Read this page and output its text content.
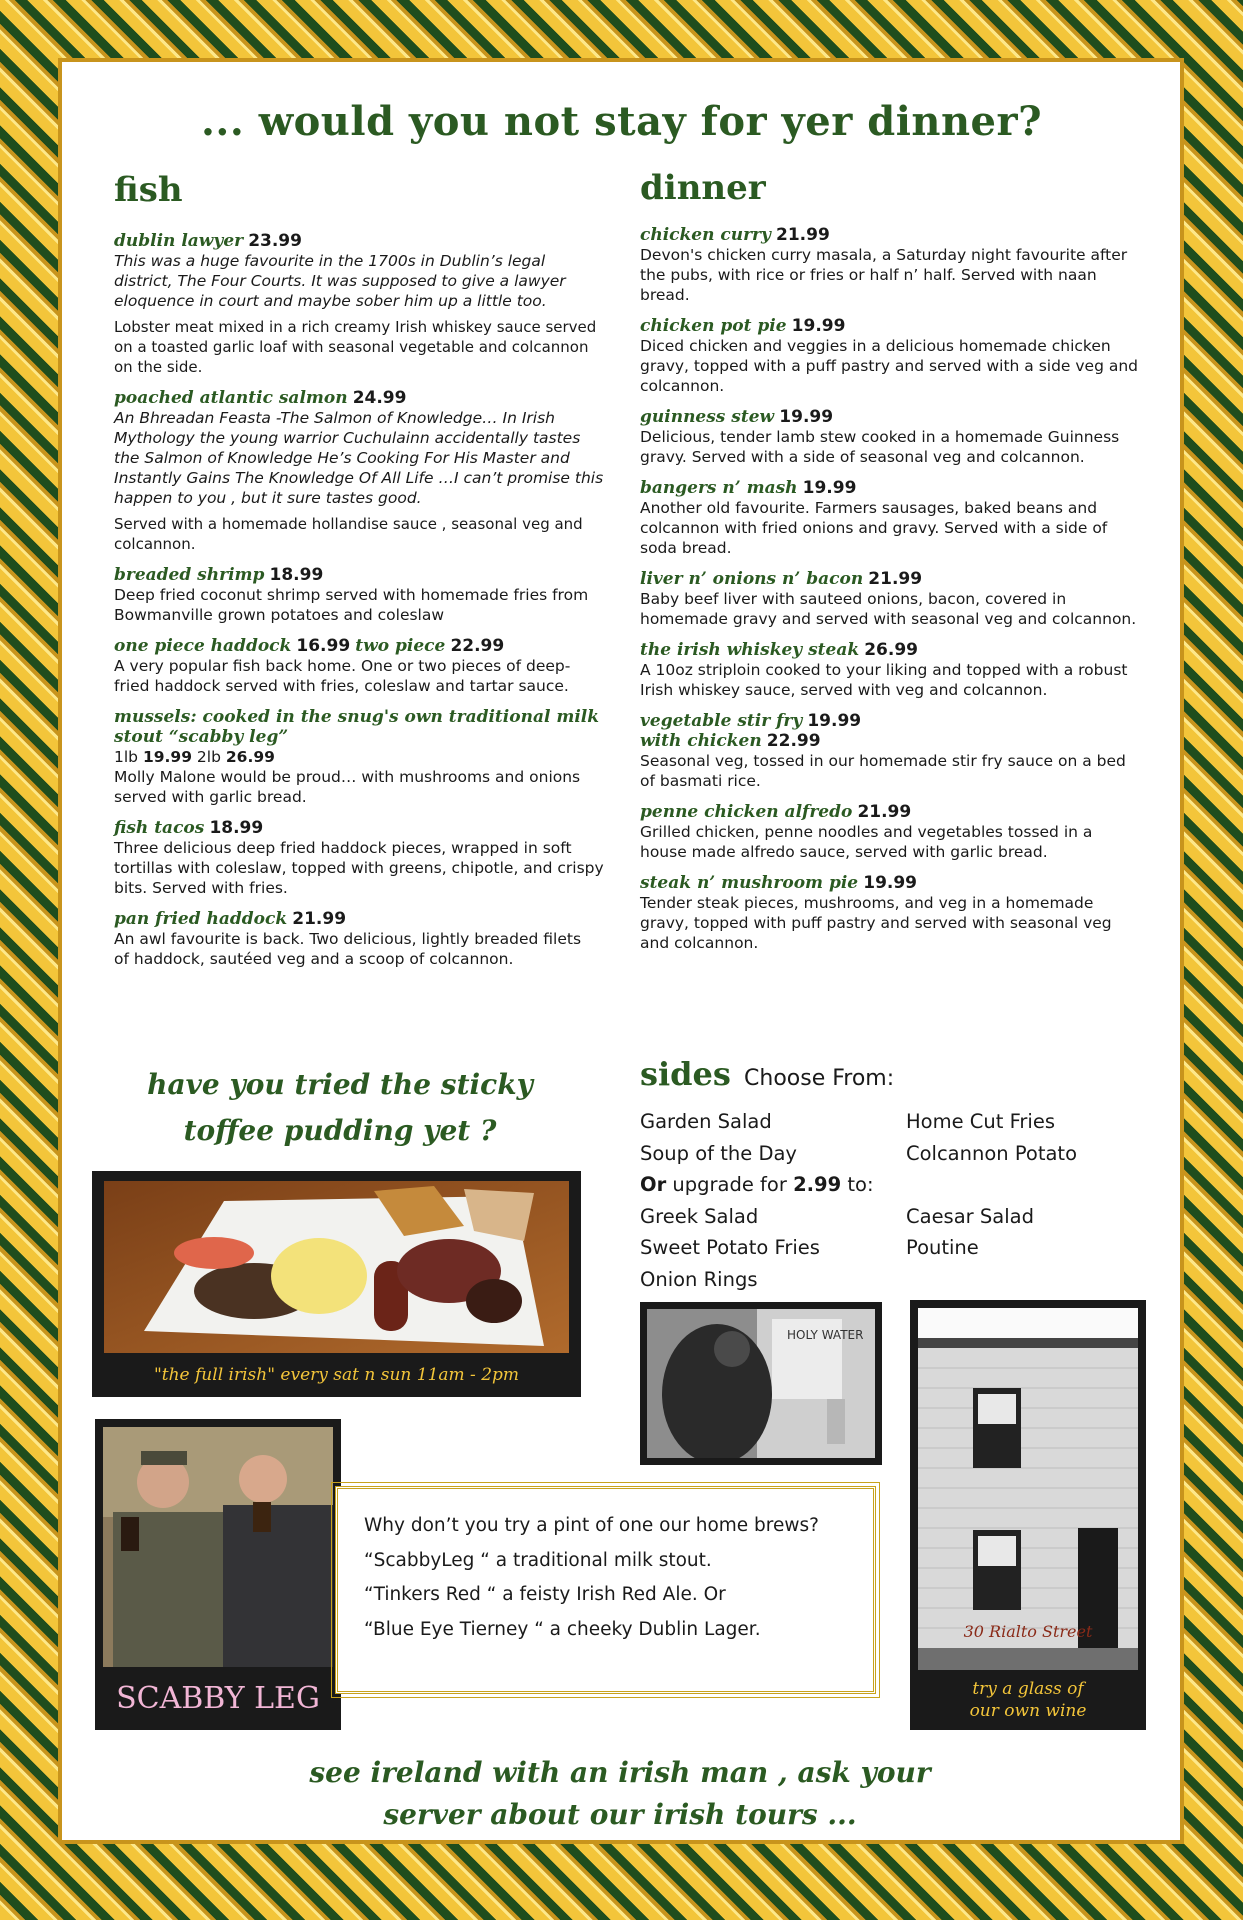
... would you not stay for yer dinner?
fish
dublin lawyer 23.99
This was a huge favourite in the 1700s in Dublin’s legal district, The Four Courts. It was supposed to give a lawyer eloquence in court and maybe sober him up a little too.
Lobster meat mixed in a rich creamy Irish whiskey sauce served on a toasted garlic loaf with seasonal vegetable and colcannon on the side.
poached atlantic salmon 24.99
An Bhreadan Feasta -The Salmon of Knowledge… In Irish Mythology the young warrior Cuchulainn accidentally tastes the Salmon of Knowledge He’s Cooking For His Master and Instantly Gains The Knowledge Of All Life …I can’t promise this happen to you , but it sure tastes good.
Served with a homemade hollandise sauce , seasonal veg and colcannon.
breaded shrimp 18.99
Deep fried coconut shrimp served with homemade fries from Bowmanville grown potatoes and coleslaw
one piece haddock 16.99 two piece 22.99
A very popular fish back home. One or two pieces of deep-fried haddock served with fries, coleslaw and tartar sauce.
mussels: cooked in the snug's own traditional milk stout “scabby leg”
1lb 19.99 2lb 26.99
Molly Malone would be proud… with mushrooms and onions served with garlic bread.
fish tacos 18.99
Three delicious deep fried haddock pieces, wrapped in soft tortillas with coleslaw, topped with greens, chipotle, and crispy bits. Served with fries.
pan fried haddock 21.99
An awl favourite is back. Two delicious, lightly breaded filets of haddock, sautéed veg and a scoop of colcannon.
dinner
chicken curry 21.99
Devon's chicken curry masala, a Saturday night favourite after the pubs, with rice or fries or half n’ half. Served with naan bread.
chicken pot pie 19.99
Diced chicken and veggies in a delicious homemade chicken gravy, topped with a puff pastry and served with a side veg and colcannon.
guinness stew 19.99
Delicious, tender lamb stew cooked in a homemade Guinness gravy. Served with a side of seasonal veg and colcannon.
bangers n’ mash 19.99
Another old favourite. Farmers sausages, baked beans and colcannon with fried onions and gravy. Served with a side of soda bread.
liver n’ onions n’ bacon 21.99
Baby beef liver with sauteed onions, bacon, covered in homemade gravy and served with seasonal veg and colcannon.
the irish whiskey steak 26.99
A 10oz striploin cooked to your liking and topped with a robust Irish whiskey sauce, served with veg and colcannon.
vegetable stir fry 19.99
with chicken 22.99
Seasonal veg, tossed in our homemade stir fry sauce on a bed of basmati rice.
penne chicken alfredo 21.99
Grilled chicken, penne noodles and vegetables tossed in a house made alfredo sauce, served with garlic bread.
steak n’ mushroom pie 19.99
Tender steak pieces, mushrooms, and veg in a homemade gravy, topped with puff pastry and served with seasonal veg and colcannon.
sides Choose From:
Garden Salad	Home Cut Fries
Soup of the Day	Colcannon Potato
Or upgrade for 2.99 to:
Greek Salad	Caesar Salad
Sweet Potato Fries	Poutine
Onion Rings
have you tried the sticky
toffee pudding yet ?
"the full irish" every sat n sun 11am - 2pm
HOLY WATER
SCABBY LEG
Why don’t you try a pint of one our home brews?
“ScabbyLeg “ a traditional milk stout.
“Tinkers Red “ a feisty Irish Red Ale. Or
“Blue Eye Tierney “ a cheeky Dublin Lager.	30 Rialto Street
try a glass of
our own wine
see ireland with an irish man , ask your
server about our irish tours ...
